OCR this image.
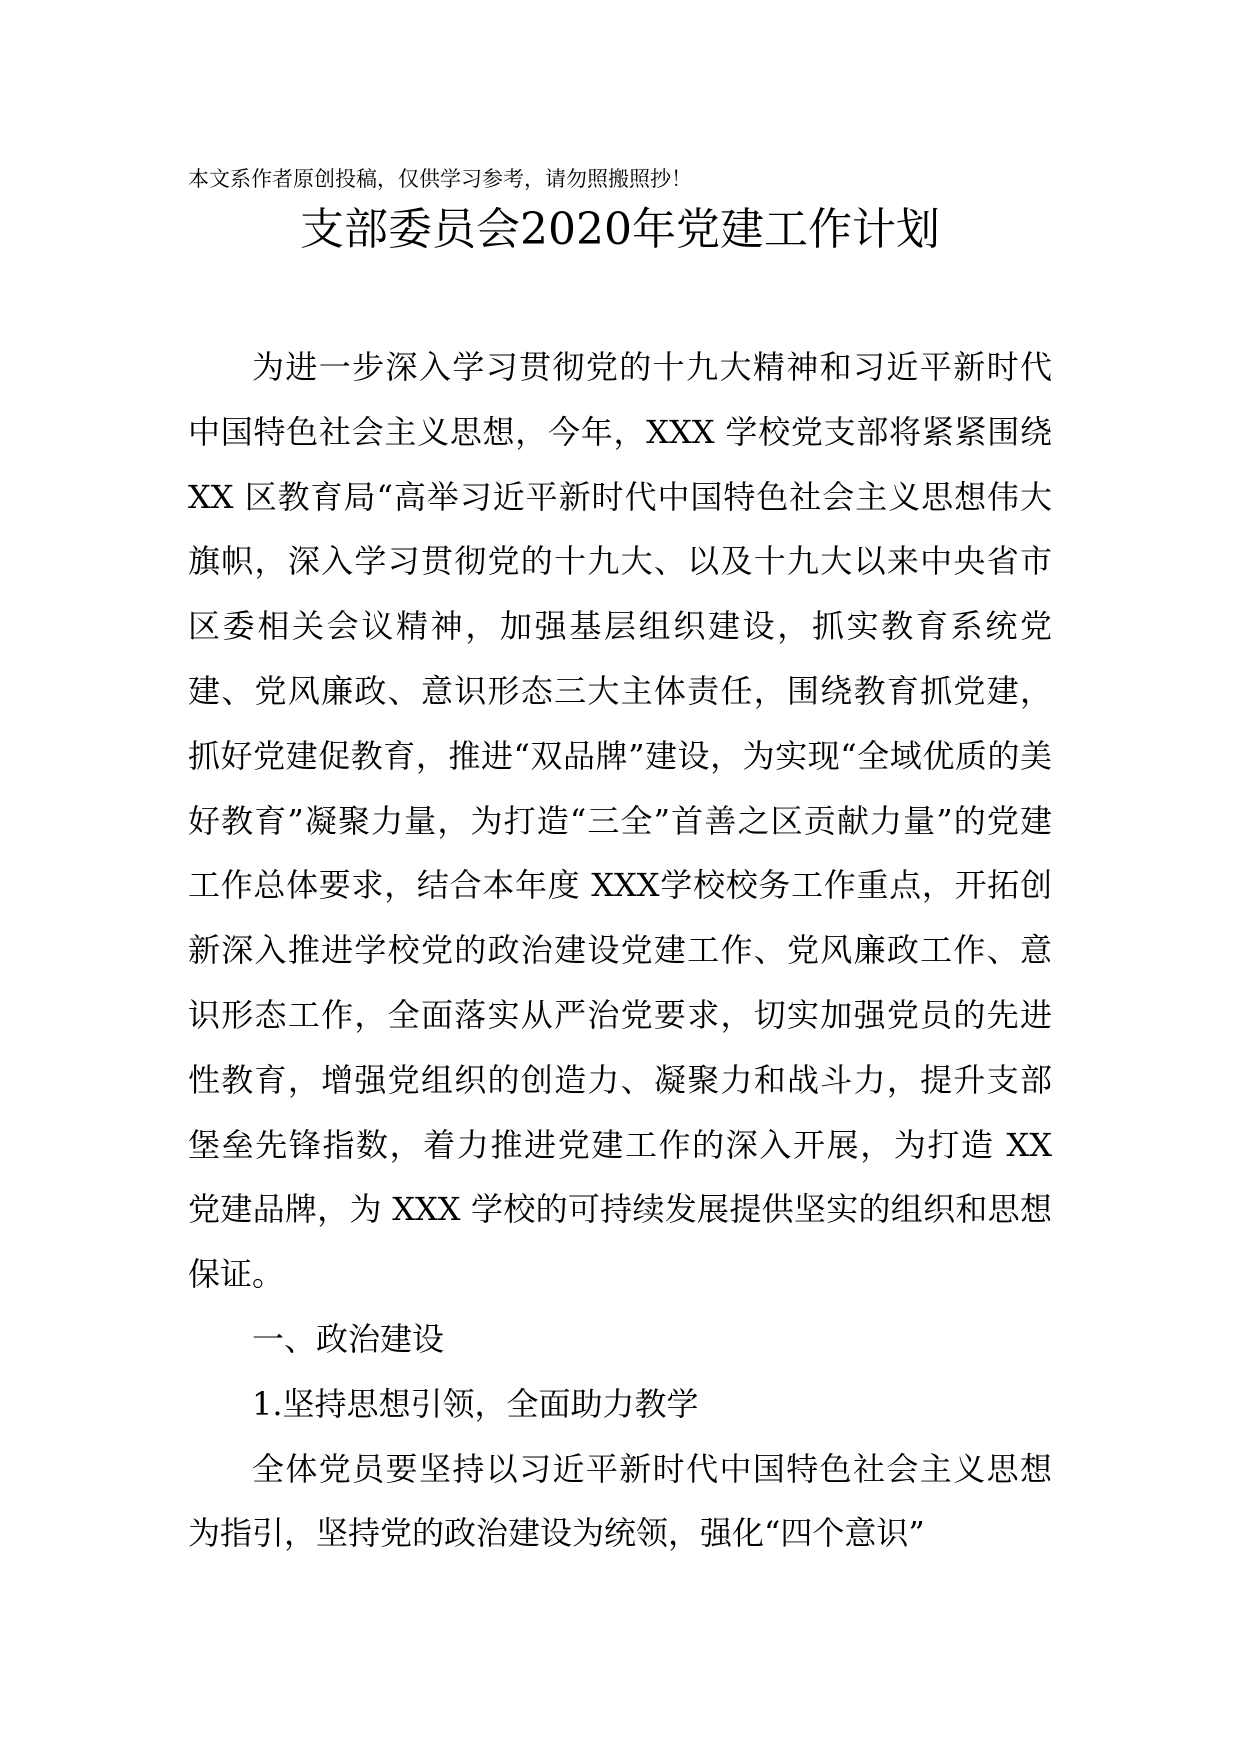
本文系作者原创投稿，仅供学习参考，请勿照搬照抄！
支部委员会2020年党建工作计划

为进一步深入学习贯彻党的十九大精神和习近平新时代中国特色社会主义思想，今年，XXX 学校党支部将紧紧围绕 XX 区教育局“高举习近平新时代中国特色社会主义思想伟大旗帜，深入学习贯彻党的十九大、以及十九大以来中央省市区委相关会议精神，加强基层组织建设，抓实教育系统党建、党风廉政、意识形态三大主体责任，围绕教育抓党建，抓好党建促教育，推进“双品牌”建设，为实现“全域优质的美好教育”凝聚力量，为打造“三全”首善之区贡献力量”的党建工作总体要求，结合本年度 XXX学校校务工作重点，开拓创新深入推进学校党的政治建设党建工作、党风廉政工作、意识形态工作，全面落实从严治党要求，切实加强党员的先进性教育，增强党组织的创造力、凝聚力和战斗力，提升支部堡垒先锋指数，着力推进党建工作的深入开展，为打造 XX 党建品牌，为 XXX 学校的可持续发展提供坚实的组织和思想保证。

一、政治建设

1.坚持思想引领，全面助力教学

全体党员要坚持以习近平新时代中国特色社会主义思想为指引，坚持党的政治建设为统领，强化“四个意识”
